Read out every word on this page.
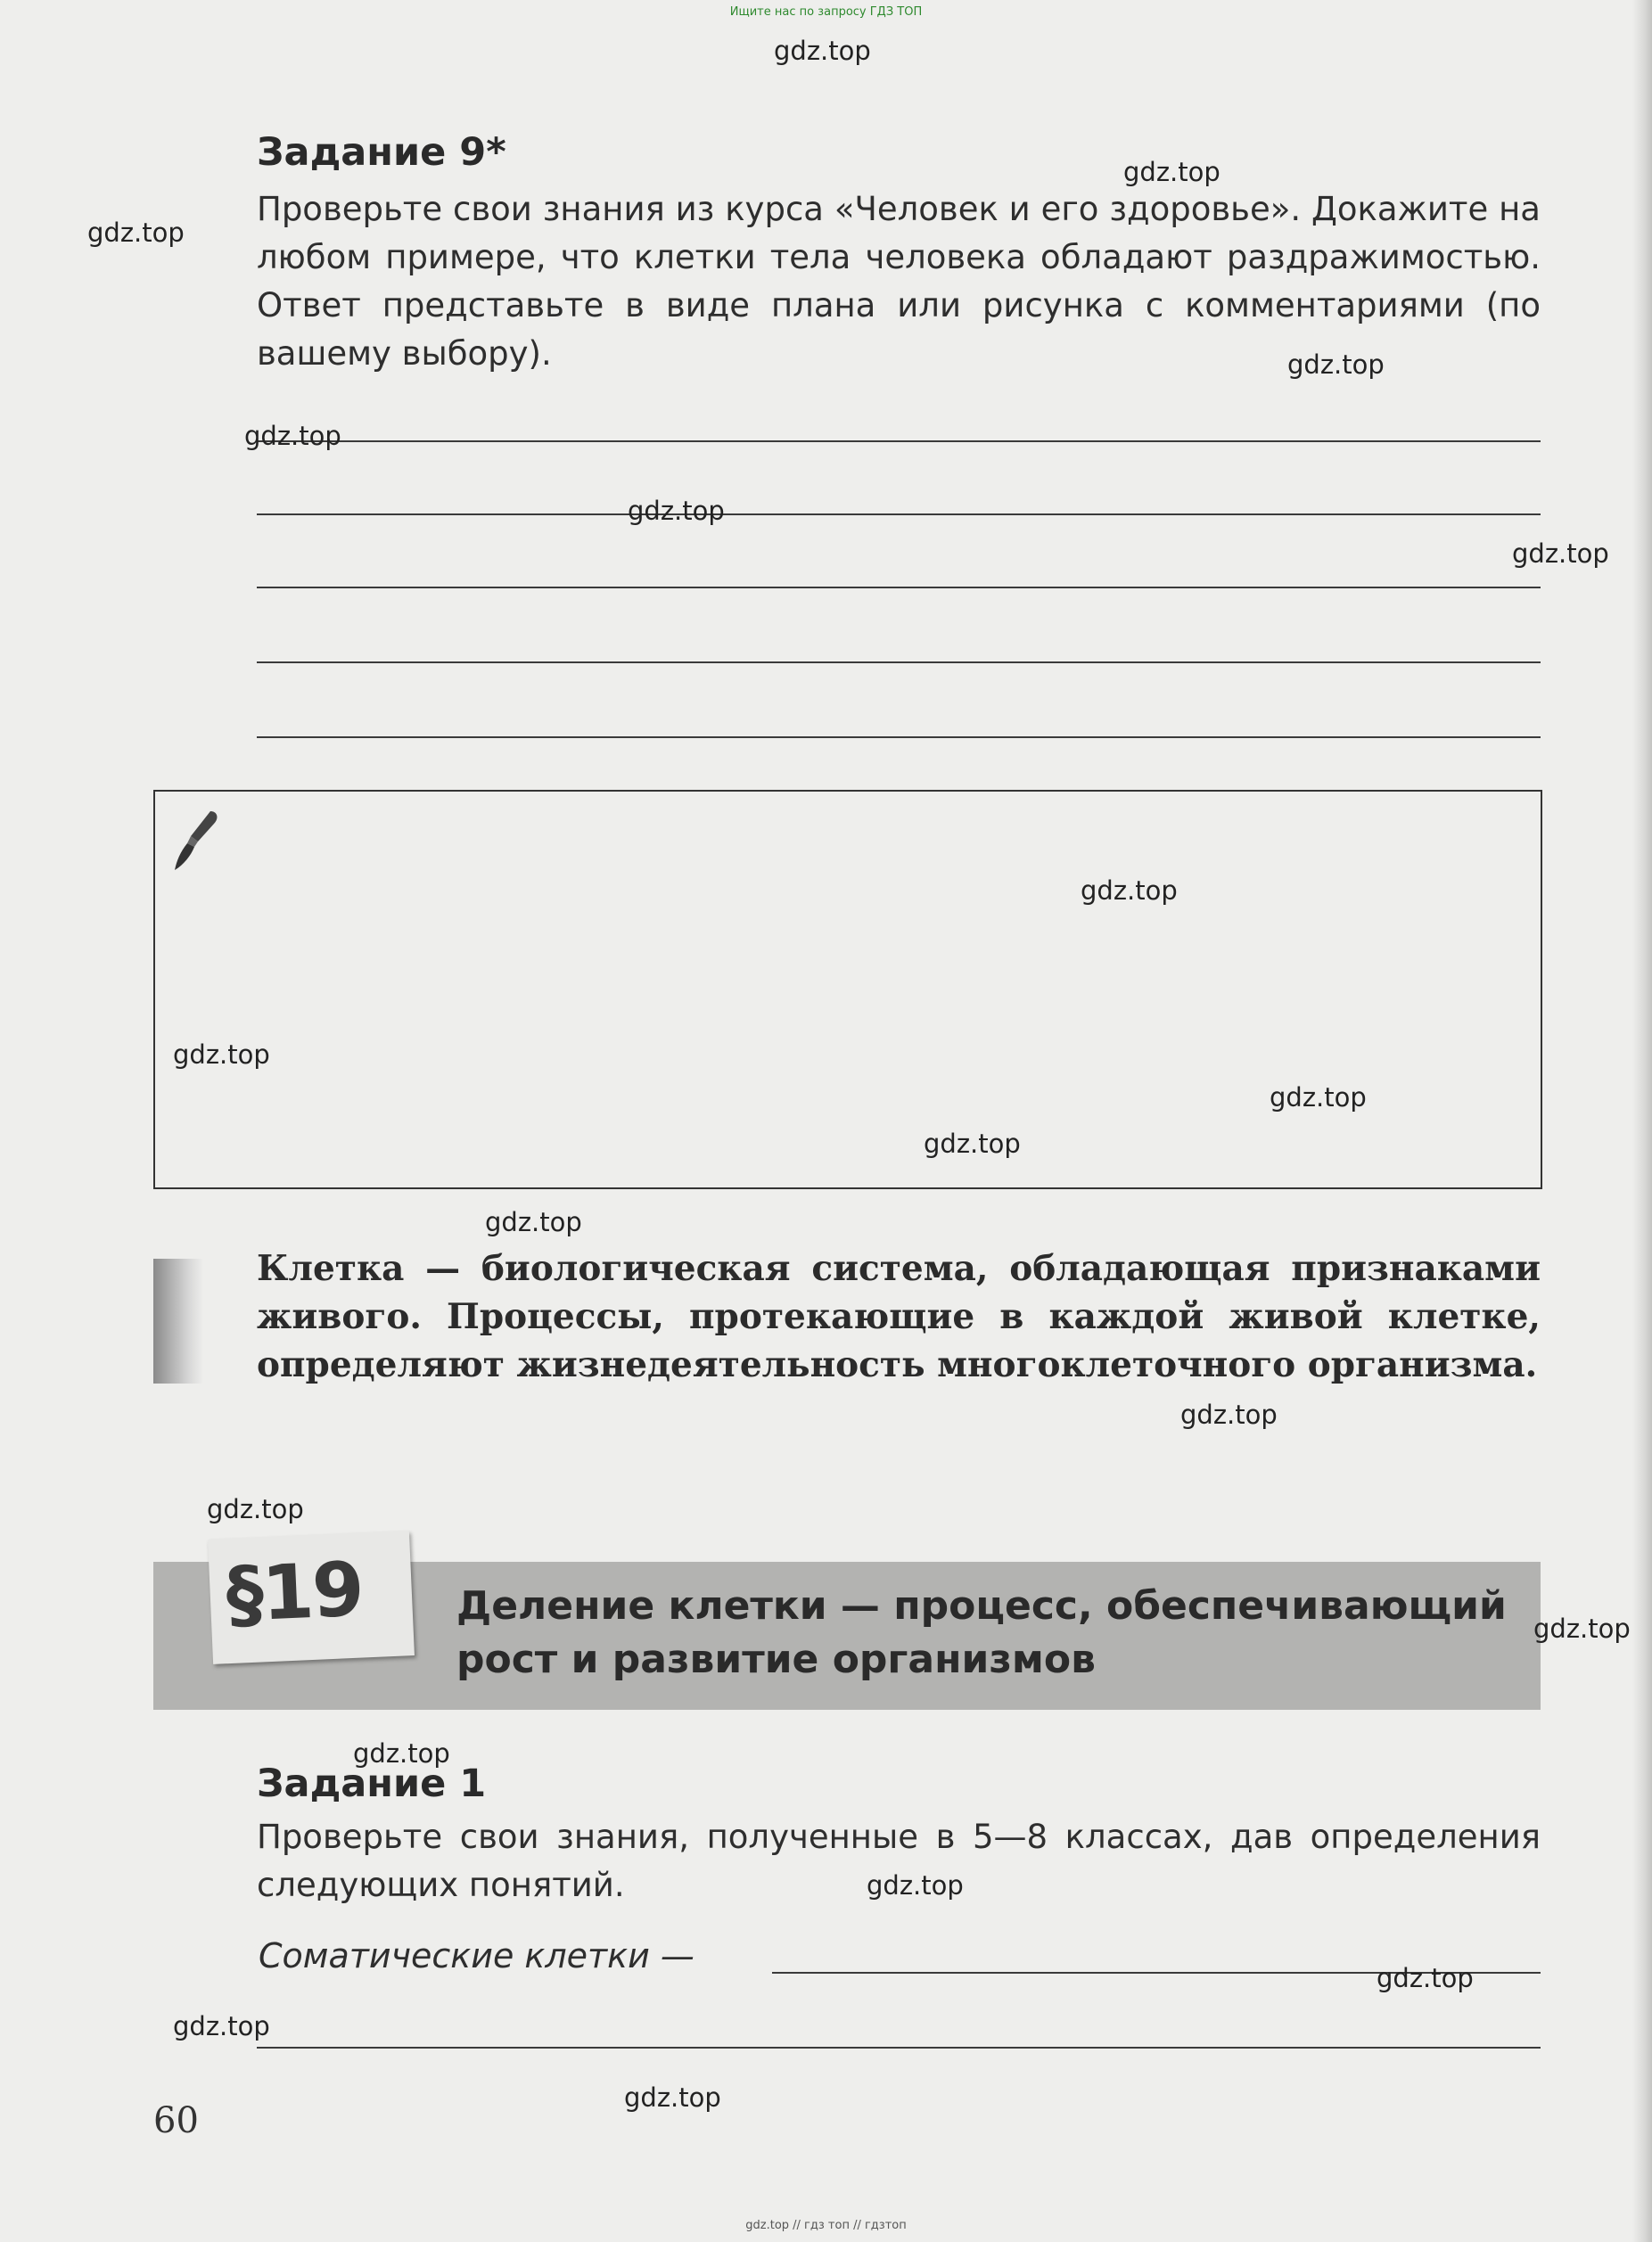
Ищите нас по запросу ГДЗ ТОП
Задание 9*
Проверьте свои знания из курса «Человек и его здоровье». Докажите на любом примере, что клетки тела человека обладают раздражимостью. Ответ представьте в виде плана или рисунка с комментариями (по вашему выбору).
Клетка — биологическая система, обладающая признаками живого. Процессы, протекающие в каждой живой клетке, определяют жизнедеятельность многоклеточного организма.
§19 Деление клетки — процесс, обеспечивающий рост и развитие организмов
Задание 1
Проверьте свои знания, полученные в 5—8 классах, дав определения следующих понятий.
Соматические клетки —
60
gdz.top
gdz.top
gdz.top
gdz.top
gdz.top
gdz.top
gdz.top
gdz.top
gdz.top
gdz.top
gdz.top
gdz.top
gdz.top
gdz.top
gdz.top
gdz.top
gdz.top
gdz.top
gdz.top
gdz.top
gdz.top // гдз топ // гдзтоп
